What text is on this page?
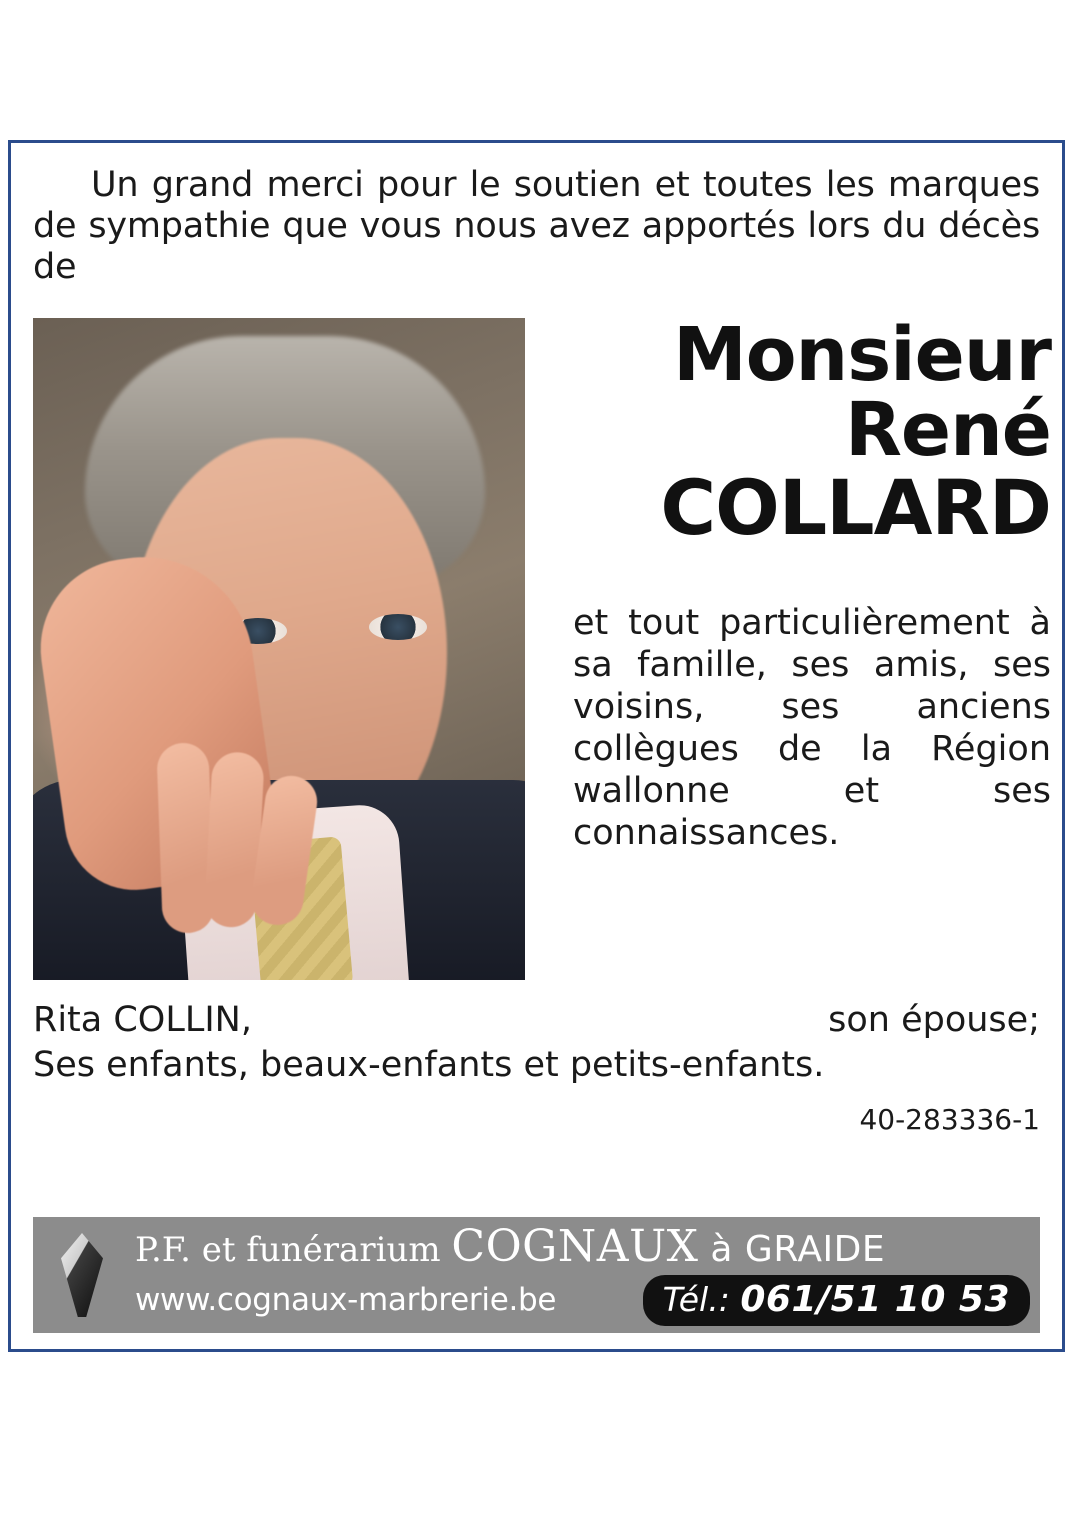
Un grand merci pour le soutien et toutes les marques de sympathie que vous nous avez apportés lors du décès de

Monsieur
René
COLLARD
et tout particulièrement à sa famille, ses amis, ses voisins, ses anciens collègues de la Région wallonne et ses connaissances.
Rita COLLIN,	son épouse;
Ses enfants, beaux-enfants et petits-enfants.
40-283336-1
P.F. et funérarium COGNAUX à GRAIDE
www.cognaux-marbrerie.be	Tél.: 061/51 10 53
